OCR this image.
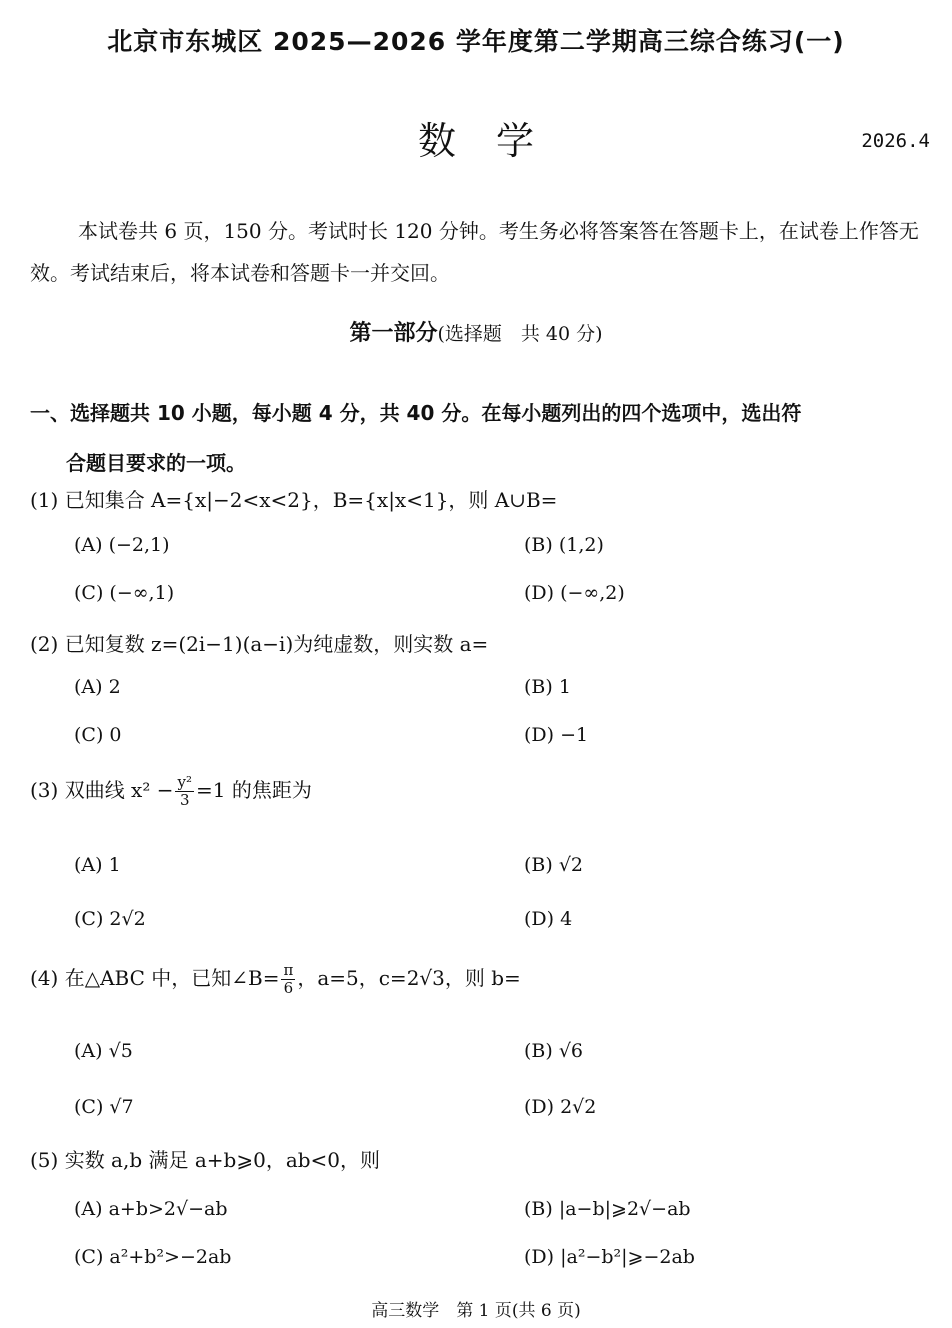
北京市东城区 2025—2026 学年度第二学期高三综合练习(一)
数学	2026.4
本试卷共 6 页，150 分。考试时长 120 分钟。考生务必将答案答在答题卡上，在试卷上作答无效。考试结束后，将本试卷和答题卡一并交回。
第一部分(选择题　共 40 分)
一、选择题共 10 小题，每小题 4 分，共 40 分。在每小题列出的四个选项中，选出符
合题目要求的一项。
(1) 已知集合 A={x|−2<x<2}，B={x|x<1}，则 A∪B=
(A) (−2,1)	(B) (1,2)
(C) (−∞,1)	(D) (−∞,2)
(2) 已知复数 z=(2i−1)(a−i)为纯虚数，则实数 a=
(A) 2	(B) 1
(C) 0	(D) −1
(3) 双曲线 $x^2 - \frac{\text{y²}}{3} =1$ 的焦距为
(A) 1	(B) √2
(C) 2√2	(D) 4
(4) 在△ABC 中，已知∠B= $\frac{\pi}{6}$ ，a=5，c=2√3，则 b=
(A) √5	(B) √6
(C) √7	(D) 2√2
(5) 实数 a,b 满足 a+b⩾0，ab<0，则
(A) a+b>2√−ab	(B) |a−b|⩾2√−ab
(C) a²+b²>−2ab	(D) |a²−b²|⩾−2ab
高三数学　第 1 页(共 6 页)
